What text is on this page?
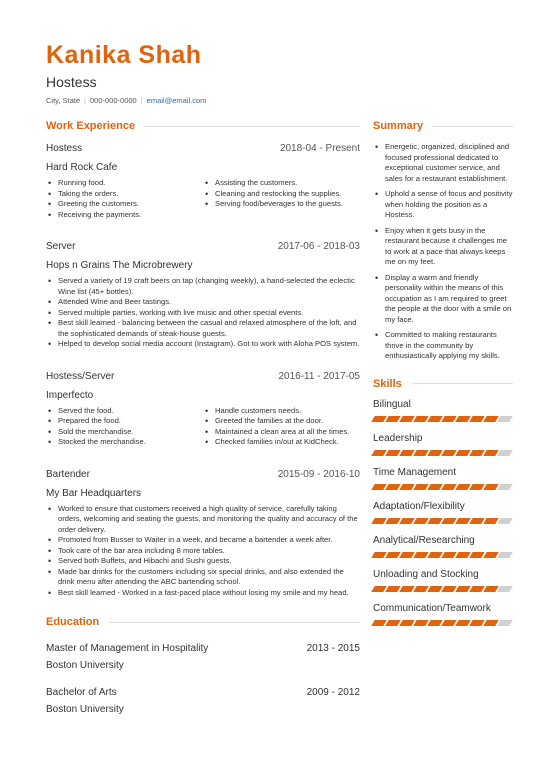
Kanika Shah
Hostess
City, State | 000-000-0000 | email@email.com
Work Experience
Hostess	2018-04 - Present
Hard Rock Cafe
• Running food.
• Taking the orders.
• Greeting the customers.
• Receiving the payments.
• Assisting the customers.
• Cleaning and restocking the supplies.
• Serving food/beverages to the guests.
Server	2017-06 - 2018-03
Hops n Grains The Microbrewery
• Served a variety of 19 craft beers on tap (changing weekly), a hand-selected the eclectic Wine list (45+ bottles).
• Attended Wine and Beer tastings.
• Served multiple parties, working with live music and other special events.
• Best skill learned - balancing between the casual and relaxed atmosphere of the loft, and the sophisticated demands of steak-house guests.
• Helped to develop social media account (Instagram). Got to work with Aloha POS system.
Hostess/Server	2016-11 - 2017-05
Imperfecto
• Served the food.
• Prepared the food.
• Sold the merchandise.
• Stocked the merchandise.
• Handle customers needs.
• Greeted the families at the door.
• Maintained a clean area at all the times.
• Checked families in/out at KidCheck.
Bartender	2015-09 - 2016-10
My Bar Headquarters
• Worked to ensure that customers received a high quality of service, carefully taking orders, welcoming and seating the guests, and monitoring the quality and accuracy of the order delivery.
• Promoted from Busser to Waiter in a week, and became a bartender a week after.
• Took care of the bar area including 8 more tables.
• Served both Buffets, and Hibachi and Sushi guests.
• Made bar drinks for the customers including six special drinks, and also extended the drink menu after attending the ABC bartending school.
• Best skill learned - Worked in a fast-paced place without losing my smile and my head.
Education
Master of Management in Hospitality	2013 - 2015
Boston University
Bachelor of Arts	2009 - 2012
Boston University
Summary
• Energetic, organized, disciplined and focused professional dedicated to exceptional customer service, and sales for a restaurant establishment.
• Uphold a sense of focus and positivity when holding the position as a Hostess.
• Enjoy when it gets busy in the restaurant because it challenges me to work at a pace that always keeps me on my feet.
• Display a warm and friendly personality within the means of this occupation as I am required to greet the people at the door with a smile on my face.
• Committed to making restaurants thrive in the community by enthusiastically applying my skills.
Skills
Bilingual
Leadership
Time Management
Adaptation/Flexibility
Analytical/Researching
Unloading and Stocking
Communication/Teamwork
